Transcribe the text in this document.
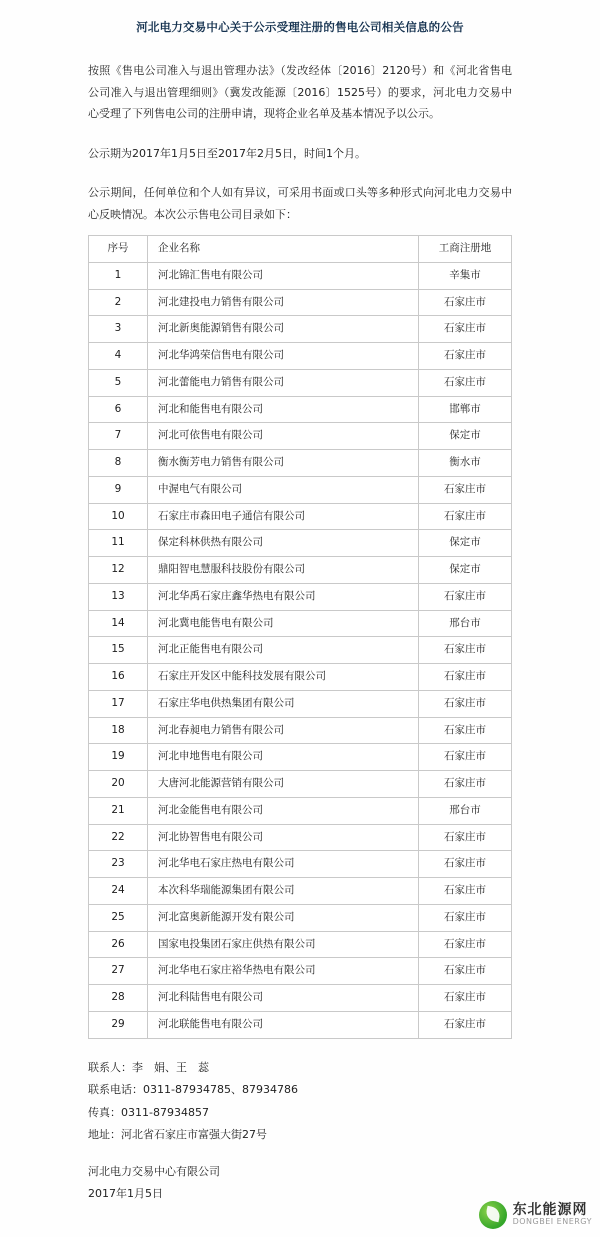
河北电力交易中心关于公示受理注册的售电公司相关信息的公告

按照《售电公司准入与退出管理办法》（发改经体〔2016〕2120号）和《河北省售电公司准入与退出管理细则》（冀发改能源〔2016〕1525号）的要求，河北电力交易中心受理了下列售电公司的注册申请，现将企业名单及基本情况予以公示。

公示期为2017年1月5日至2017年2月5日，时间1个月。

公示期间，任何单位和个人如有异议，可采用书面或口头等多种形式向河北电力交易中心反映情况。本次公示售电公司目录如下：

序号	企业名称	工商注册地
1	河北锦汇售电有限公司	辛集市
2	河北建投电力销售有限公司	石家庄市
3	河北新奥能源销售有限公司	石家庄市
4	河北华鸿荣信售电有限公司	石家庄市
5	河北蕾能电力销售有限公司	石家庄市
6	河北和能售电有限公司	邯郸市
7	河北可依售电有限公司	保定市
8	衡水衡芳电力销售有限公司	衡水市
9	中渥电气有限公司	石家庄市
10	石家庄市森田电子通信有限公司	石家庄市
11	保定科林供热有限公司	保定市
12	鼎阳智电慧服科技股份有限公司	保定市
13	河北华禹石家庄鑫华热电有限公司	石家庄市
14	河北冀电能售电有限公司	邢台市
15	河北正能售电有限公司	石家庄市
16	石家庄开发区中能科技发展有限公司	石家庄市
17	石家庄华电供热集团有限公司	石家庄市
18	河北春昶电力销售有限公司	石家庄市
19	河北申地售电有限公司	石家庄市
20	大唐河北能源营销有限公司	石家庄市
21	河北金能售电有限公司	邢台市
22	河北协智售电有限公司	石家庄市
23	河北华电石家庄热电有限公司	石家庄市
24	本次科华瑞能源集团有限公司	石家庄市
25	河北富奥新能源开发有限公司	石家庄市
26	国家电投集团石家庄供热有限公司	石家庄市
27	河北华电石家庄裕华热电有限公司	石家庄市
28	河北科陆售电有限公司	石家庄市
29	河北联能售电有限公司	石家庄市
联系人：李　娟、王　蕊
联系电话：0311-87934785、87934786
传真：0311-87934857
地址：河北省石家庄市富强大街27号
河北电力交易中心有限公司
2017年1月5日
东北能源网
DONGBEI ENERGY
